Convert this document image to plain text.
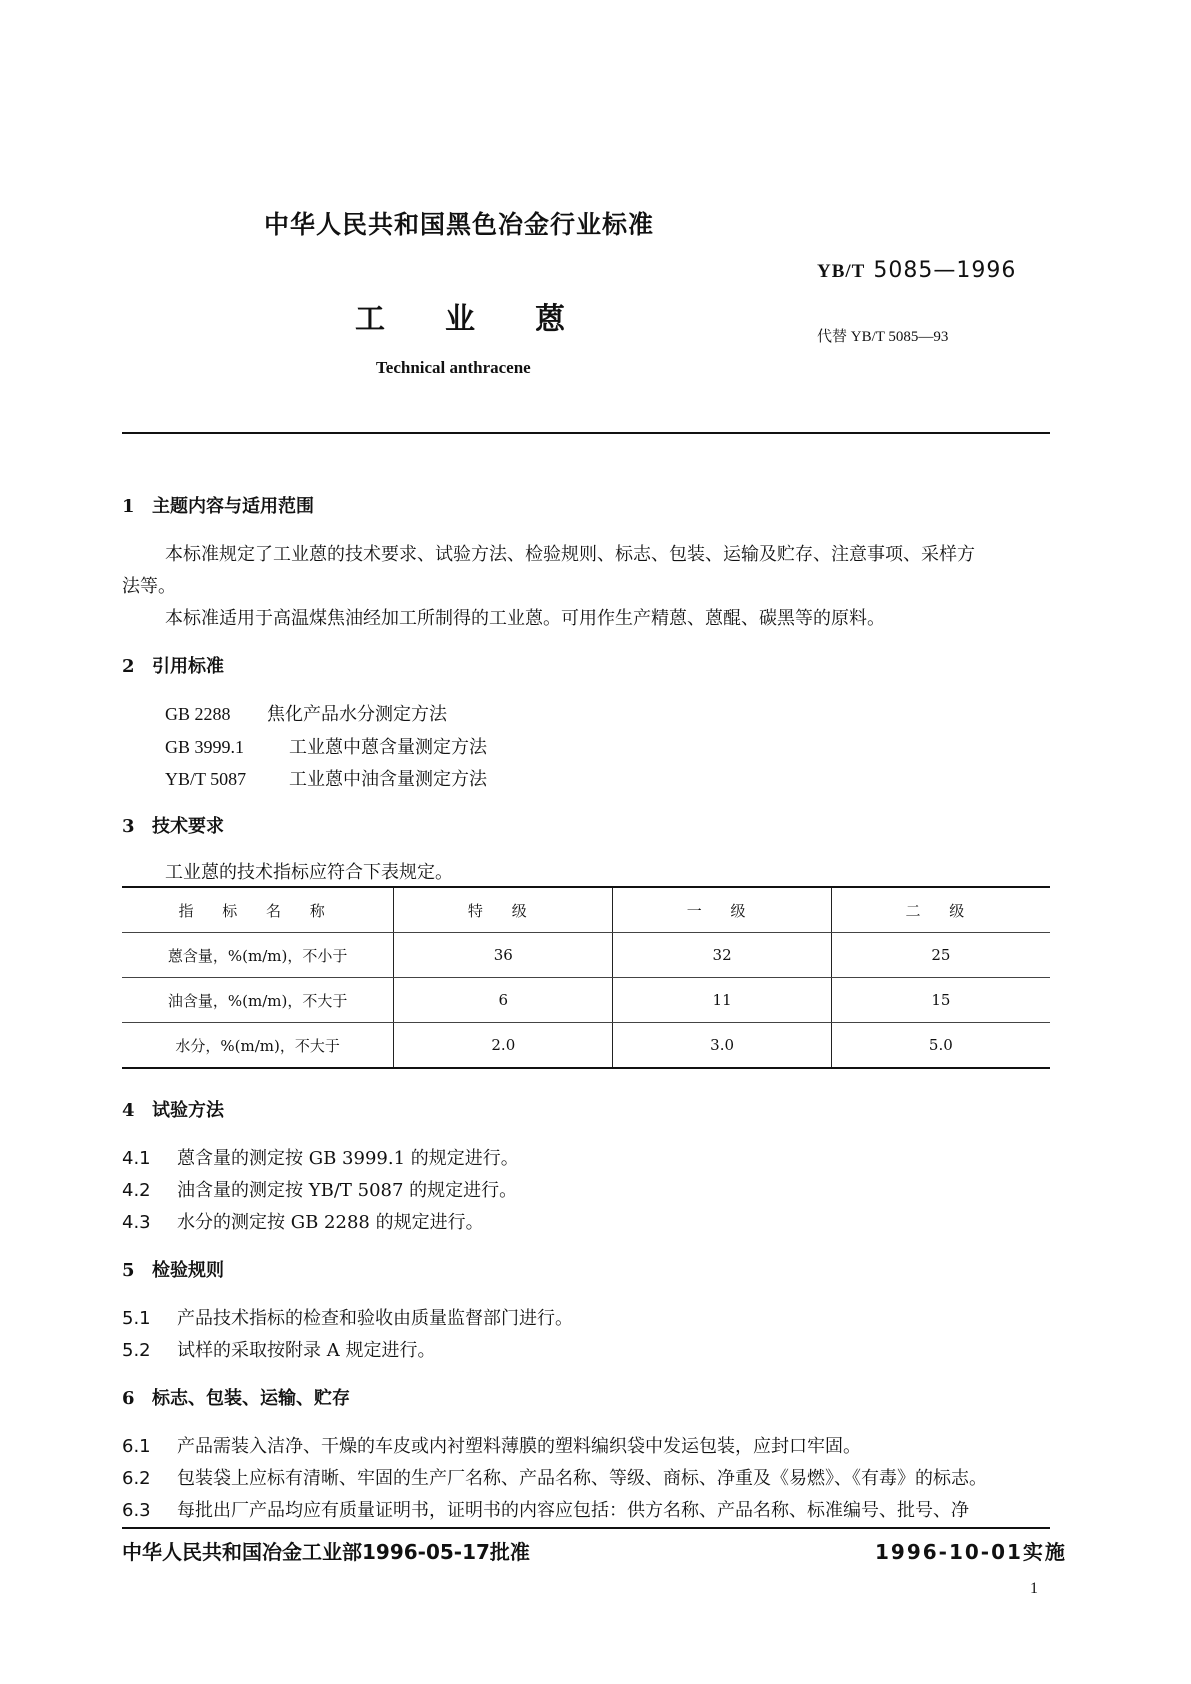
中华人民共和国黑色冶金行业标准
YB/T 5085—1996
工业蒽	代替 YB/T 5085—93
Technical anthracene
1 主题内容与适用范围
本标准规定了工业蒽的技术要求、试验方法、检验规则、标志、包装、运输及贮存、注意事项、采样方
法等。
本标准适用于高温煤焦油经加工所制得的工业蒽。可用作生产精蒽、蒽醌、碳黑等的原料。
2 引用标准
GB 2288 焦化产品水分测定方法
GB 3999.1 工业蒽中蒽含量测定方法
YB/T 5087 工业蒽中油含量测定方法
3 技术要求
工业蒽的技术指标应符合下表规定。
指 标 名 称	特 级	一 级	二 级
蒽含量，%(m/m)，不小于	36	32	25
油含量，%(m/m)，不大于	6	11	15
水分，%(m/m)，不大于	2.0	3.0	5.0
4 试验方法
4.1 蒽含量的测定按 GB 3999.1 的规定进行。
4.2 油含量的测定按 YB/T 5087 的规定进行。
4.3 水分的测定按 GB 2288 的规定进行。
5 检验规则
5.1 产品技术指标的检查和验收由质量监督部门进行。
5.2 试样的采取按附录 A 规定进行。
6 标志、包装、运输、贮存
6.1 产品需装入洁净、干燥的车皮或内衬塑料薄膜的塑料编织袋中发运包装，应封口牢固。
6.2 包装袋上应标有清晰、牢固的生产厂名称、产品名称、等级、商标、净重及《易燃》、《有毒》的标志。
6.3 每批出厂产品均应有质量证明书，证明书的内容应包括：供方名称、产品名称、标准编号、批号、净
中华人民共和国冶金工业部1996-05-17批准	1996-10-01实施
1
